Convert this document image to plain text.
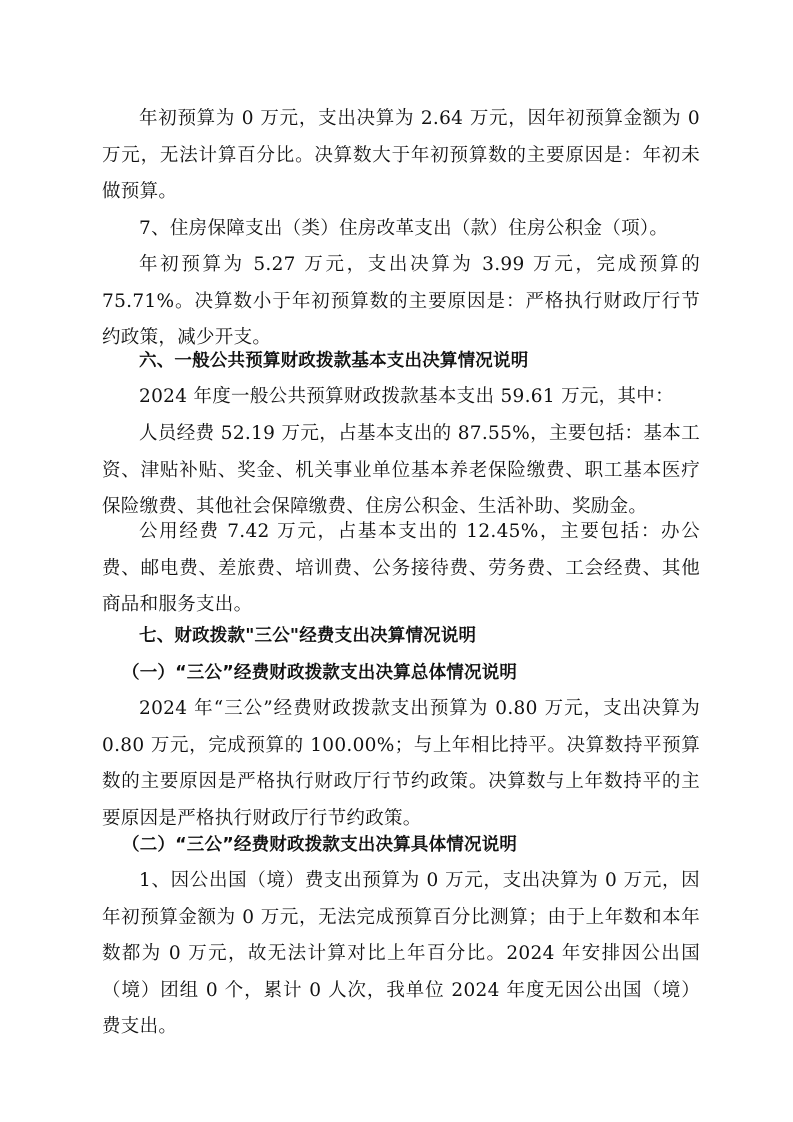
年初预算为 0 万元，支出决算为 2.64 万元，因年初预算金额为 0 万元，无法计算百分比。决算数大于年初预算数的主要原因是：年初未做预算。

7、住房保障支出（类）住房改革支出（款）住房公积金（项）。

年初预算为 5.27 万元，支出决算为 3.99 万元，完成预算的 75.71%。决算数小于年初预算数的主要原因是：严格执行财政厅行节约政策，减少开支。

六、一般公共预算财政拨款基本支出决算情况说明

2024 年度一般公共预算财政拨款基本支出 59.61 万元，其中：

人员经费 52.19 万元，占基本支出的 87.55%，主要包括：基本工资、津贴补贴、奖金、机关事业单位基本养老保险缴费、职工基本医疗保险缴费、其他社会保障缴费、住房公积金、生活补助、奖励金。

公用经费 7.42 万元，占基本支出的 12.45%，主要包括：办公费、邮电费、差旅费、培训费、公务接待费、劳务费、工会经费、其他商品和服务支出。

七、财政拨款"三公"经费支出决算情况说明

（一）“三公”经费财政拨款支出决算总体情况说明

2024 年“三公”经费财政拨款支出预算为 0.80 万元，支出决算为 0.80 万元，完成预算的 100.00%；与上年相比持平。决算数持平预算数的主要原因是严格执行财政厅行节约政策。决算数与上年数持平的主要原因是严格执行财政厅行节约政策。

（二）“三公”经费财政拨款支出决算具体情况说明

1、因公出国（境）费支出预算为 0 万元，支出决算为 0 万元，因年初预算金额为 0 万元，无法完成预算百分比测算；由于上年数和本年数都为 0 万元，故无法计算对比上年百分比。2024 年安排因公出国（境）团组 0 个，累计 0 人次，我单位 2024 年度无因公出国（境）费支出。
